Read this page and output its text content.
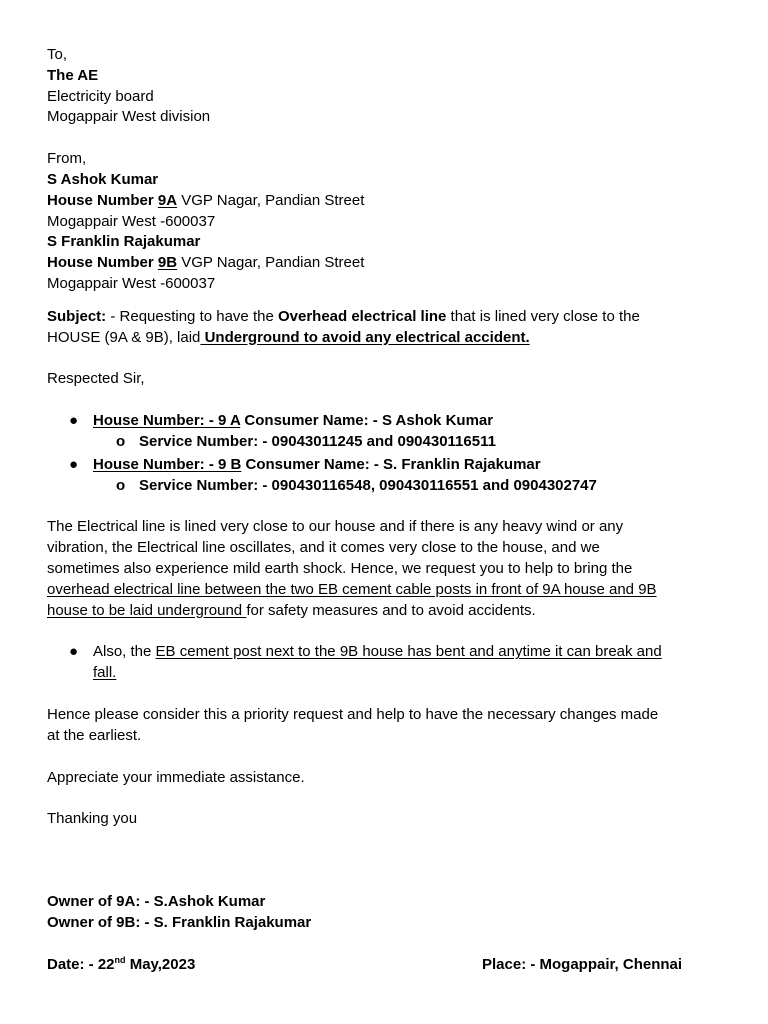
To,
The AE
Electricity board
Mogappair West division
From,
S Ashok Kumar
House Number 9A VGP Nagar, Pandian Street
Mogappair West -600037
S Franklin Rajakumar
House Number 9B VGP Nagar, Pandian Street
Mogappair West -600037
Subject: - Requesting to have the Overhead electrical line that is lined very close to the
HOUSE (9A & 9B), laid Underground to avoid any electrical accident.
Respected Sir,
● House Number: - 9 A Consumer Name: - S Ashok Kumar
o Service Number: - 09043011245 and 090430116511
● House Number: - 9 B Consumer Name: - S. Franklin Rajakumar
o Service Number: - 090430116548, 090430116551 and 0904302747
The Electrical line is lined very close to our house and if there is any heavy wind or any
vibration, the Electrical line oscillates, and it comes very close to the house, and we
sometimes also experience mild earth shock. Hence, we request you to help to bring the
overhead electrical line between the two EB cement cable posts in front of 9A house and 9B
house to be laid underground for safety measures and to avoid accidents.
● Also, the EB cement post next to the 9B house has bent and anytime it can break and
fall.
Hence please consider this a priority request and help to have the necessary changes made
at the earliest.
Appreciate your immediate assistance.
Thanking you
Owner of 9A: - S.Ashok Kumar
Owner of 9B: - S. Franklin Rajakumar
Date: - 22nd May,2023	Place: - Mogappair, Chennai
